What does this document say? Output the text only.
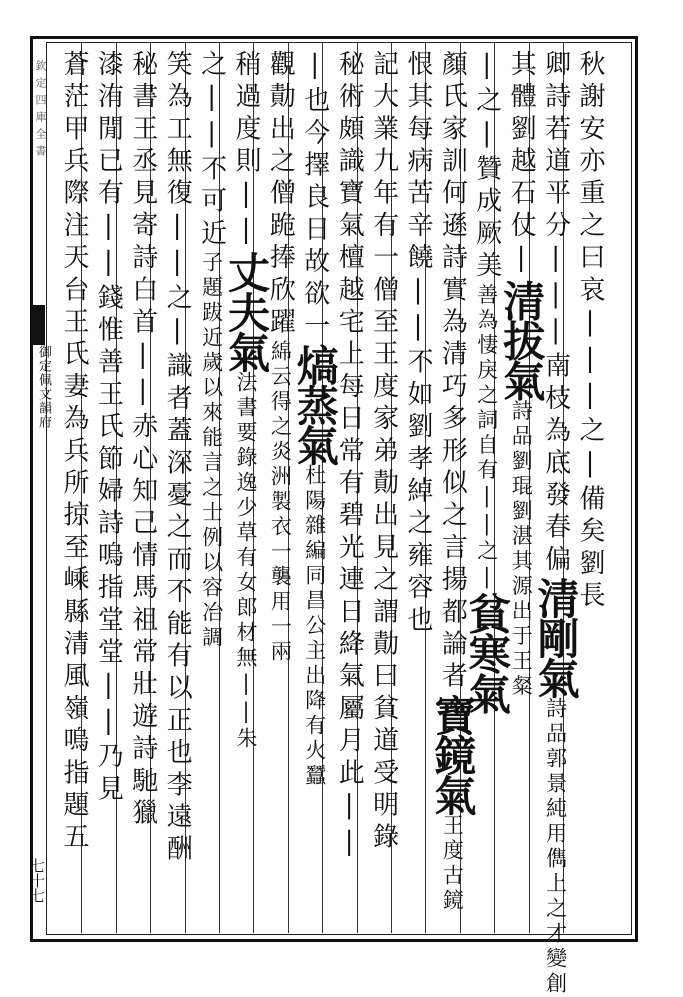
欽定四庫全書
御定佩文韻府
七十七
秋謝安亦重之曰哀|||之|備矣劉長
卿詩若道平分|||南枝為底發春偏清剛氣詩品郭景純用儁上之才變創
其體劉越石仗|清拔氣詩品劉琨劉湛其源出于王粲
|之|贊成厥美善為悽戾之詞自有||之|貧寒氣
顏氏家訓何遜詩實為清巧多形似之言揚都論者寶鏡氣王度古鏡
恨其每病苦辛饒||不如劉孝綽之雍容也
記大業九年有一僧至王度家弟勣出見之謂勣曰貧道受明錄
秘術頗識寶氣檀越宅上每日常有碧光連日絳氣屬月此||
|也今擇良日故欲一熇蒸氣杜陽雜編同昌公主出降有火蠶
觀勣出之僧跪捧欣躍綿云得之炎洲製衣一襲用一兩
稍過度則||丈夫氣法書要錄逸少草有女郎材無||朱
之||不可近子題跋近歲以來能言之士例以容冶調
笑為工無復||之|識者蓋深憂之而不能有以正也李遠酬
秘書王丞見寄詩白首||赤心知己情馬祖常壯遊詩馳獵
漆洧閒已有||錢惟善王氏節婦詩嗚指堂堂||乃見
蒼茫甲兵際注天台王氏妻為兵所掠至嵊縣清風嶺嗚指題五
